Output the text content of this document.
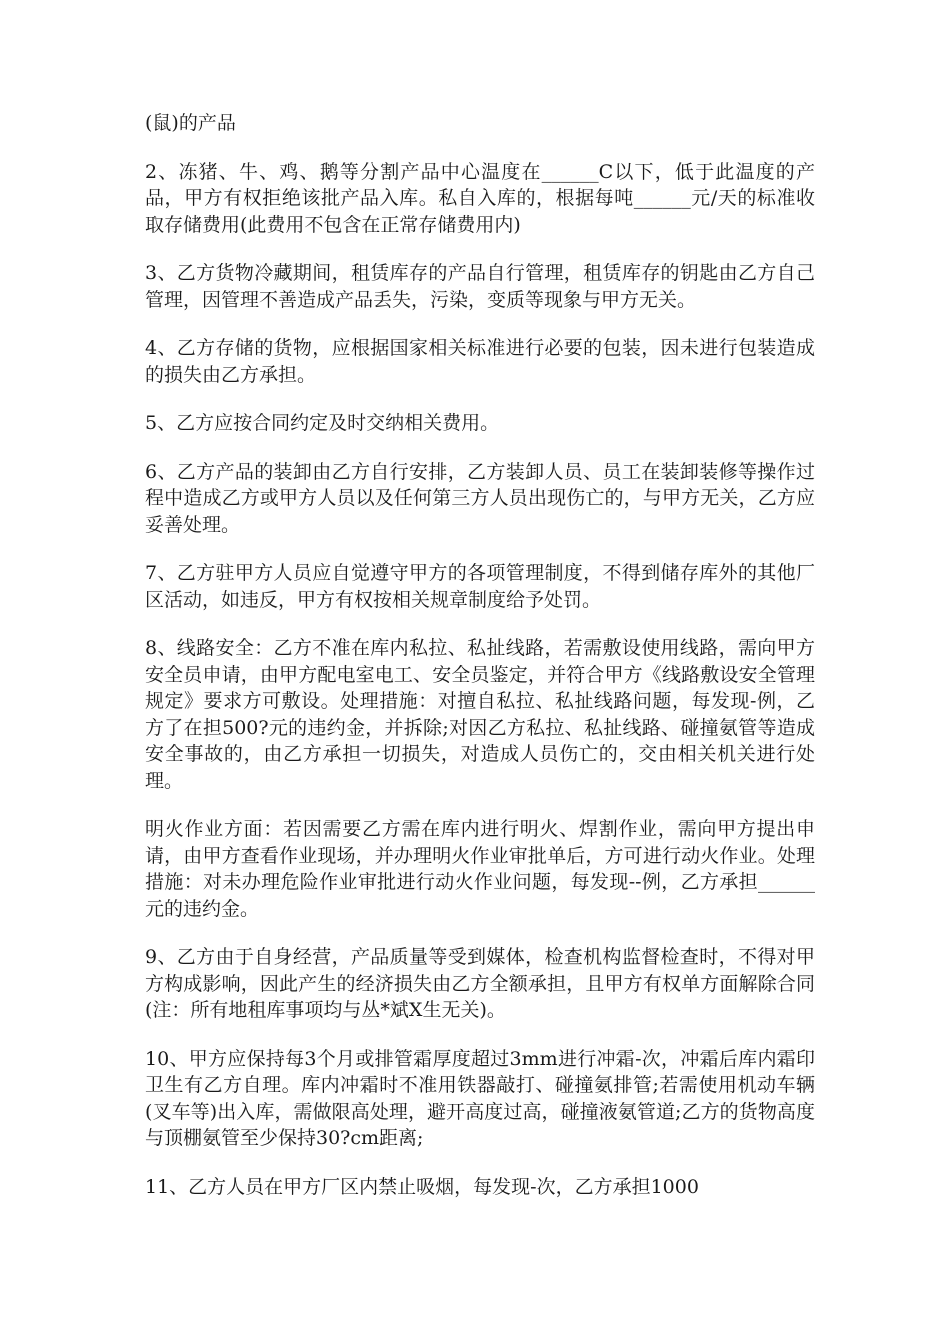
(鼠)的产品

2、冻猪、牛、鸡、鹅等分割产品中心温度在______C以下，低于此温度的产品，甲方有权拒绝该批产品入库。私自入库的，根据每吨______元/天的标准收取存储费用(此费用不包含在正常存储费用内)

3、乙方货物冷藏期间，租赁库存的产品自行管理，租赁库存的钥匙由乙方自己管理，因管理不善造成产品丢失，污染，变质等现象与甲方无关。

4、乙方存储的货物，应根据国家相关标准进行必要的包装，因未进行包装造成的损失由乙方承担。

5、乙方应按合同约定及时交纳相关费用。

6、乙方产品的装卸由乙方自行安排，乙方装卸人员、员工在装卸装修等操作过程中造成乙方或甲方人员以及任何第三方人员出现伤亡的，与甲方无关，乙方应妥善处理。

7、乙方驻甲方人员应自觉遵守甲方的各项管理制度，不得到储存库外的其他厂区活动，如违反，甲方有权按相关规章制度给予处罚。

8、线路安全：乙方不准在库内私拉、私扯线路，若需敷设使用线路，需向甲方安全员申请，由甲方配电室电工、安全员鉴定，并符合甲方《线路敷设安全管理规定》要求方可敷设。处理措施：对擅自私拉、私扯线路问题，每发现-例，乙方了在担500?元的违约金，并拆除;对因乙方私拉、私扯线路、碰撞氨管等造成安全事故的，由乙方承担一切损失，对造成人员伤亡的，交由相关机关进行处理。

明火作业方面：若因需要乙方需在库内进行明火、焊割作业，需向甲方提出申请，由甲方查看作业现场，并办理明火作业审批单后，方可进行动火作业。处理措施：对未办理危险作业审批进行动火作业问题，每发现--例，乙方承担______元的违约金。

9、乙方由于自身经营，产品质量等受到媒体，检查机构监督检查时，不得对甲方构成影响，因此产生的经济损失由乙方全额承担，且甲方有权单方面解除合同(注：所有地租库事项均与丛*斌X生无关)。

10、甲方应保持每3个月或排管霜厚度超过3mm进行冲霜-次，冲霜后库内霜印卫生有乙方自理。库内冲霜时不准用铁器敲打、碰撞氨排管;若需使用机动车辆(叉车等)出入库，需做限高处理，避开高度过高，碰撞液氨管道;乙方的货物高度与顶棚氨管至少保持30?cm距离;

11、乙方人员在甲方厂区内禁止吸烟，每发现-次，乙方承担1000
